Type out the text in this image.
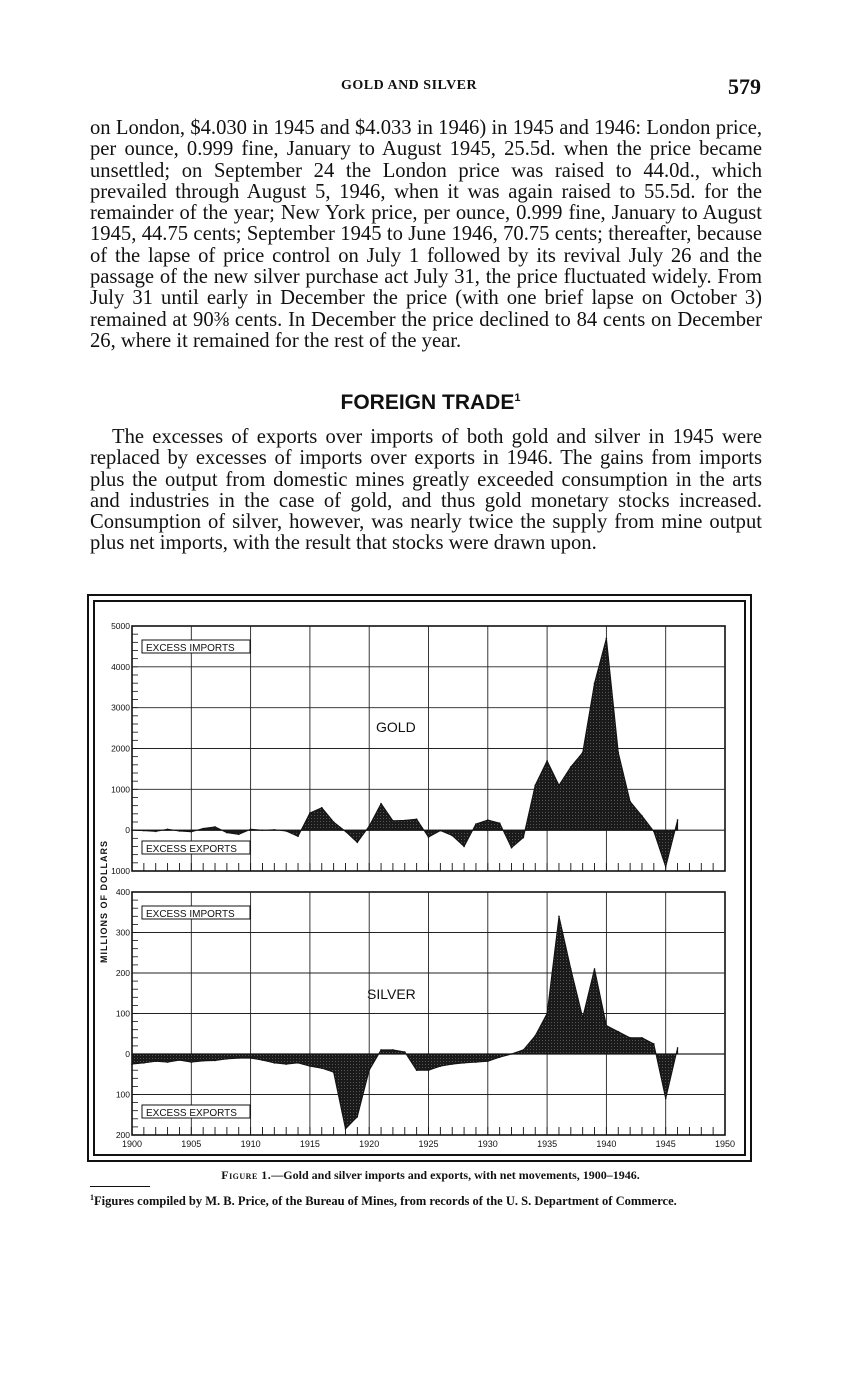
GOLD AND SILVER	579

on London, $4.030 in 1945 and $4.033 in 1946) in 1945 and 1946: London price, per ounce, 0.999 fine, January to August 1945, 25.5d. when the price became unsettled; on September 24 the London price was raised to 44.0d., which prevailed through August 5, 1946, when it was again raised to 55.5d. for the remainder of the year; New York price, per ounce, 0.999 fine, January to August 1945, 44.75 cents; September 1945 to June 1946, 70.75 cents; thereafter, because of the lapse of price control on July 1 followed by its revival July 26 and the passage of the new silver purchase act July 31, the price fluctuated widely. From July 31 until early in December the price (with one brief lapse on October 3) remained at 90⅜ cents. In December the price declined to 84 cents on December 26, where it remained for the rest of the year.

FOREIGN TRADE$^1$

The excesses of exports over imports of both gold and silver in 1945 were replaced by excesses of imports over exports in 1946. The gains from imports plus the output from domestic mines greatly exceeded consumption in the arts and industries in the case of gold, and thus gold monetary stocks increased. Consumption of silver, however, was nearly twice the supply from mine output plus net imports, with the result that stocks were drawn upon.

5000
4000
3000
2000
1000
0
1000
EXCESS IMPORTS
EXCESS EXPORTS
GOLD
MILLIONS OF DOLLARS 400
300
200
100
0
100
200
EXCESS IMPORTS
EXCESS EXPORTS
SILVER
1900	1905	1910	1915	1920	1925	1930	1935	1940	1945	1950
Figure 1.—Gold and silver imports and exports, with net movements, 1900–1946.

$^1$Figures compiled by M. B. Price, of the Bureau of Mines, from records of the U. S. Department of Commerce.
